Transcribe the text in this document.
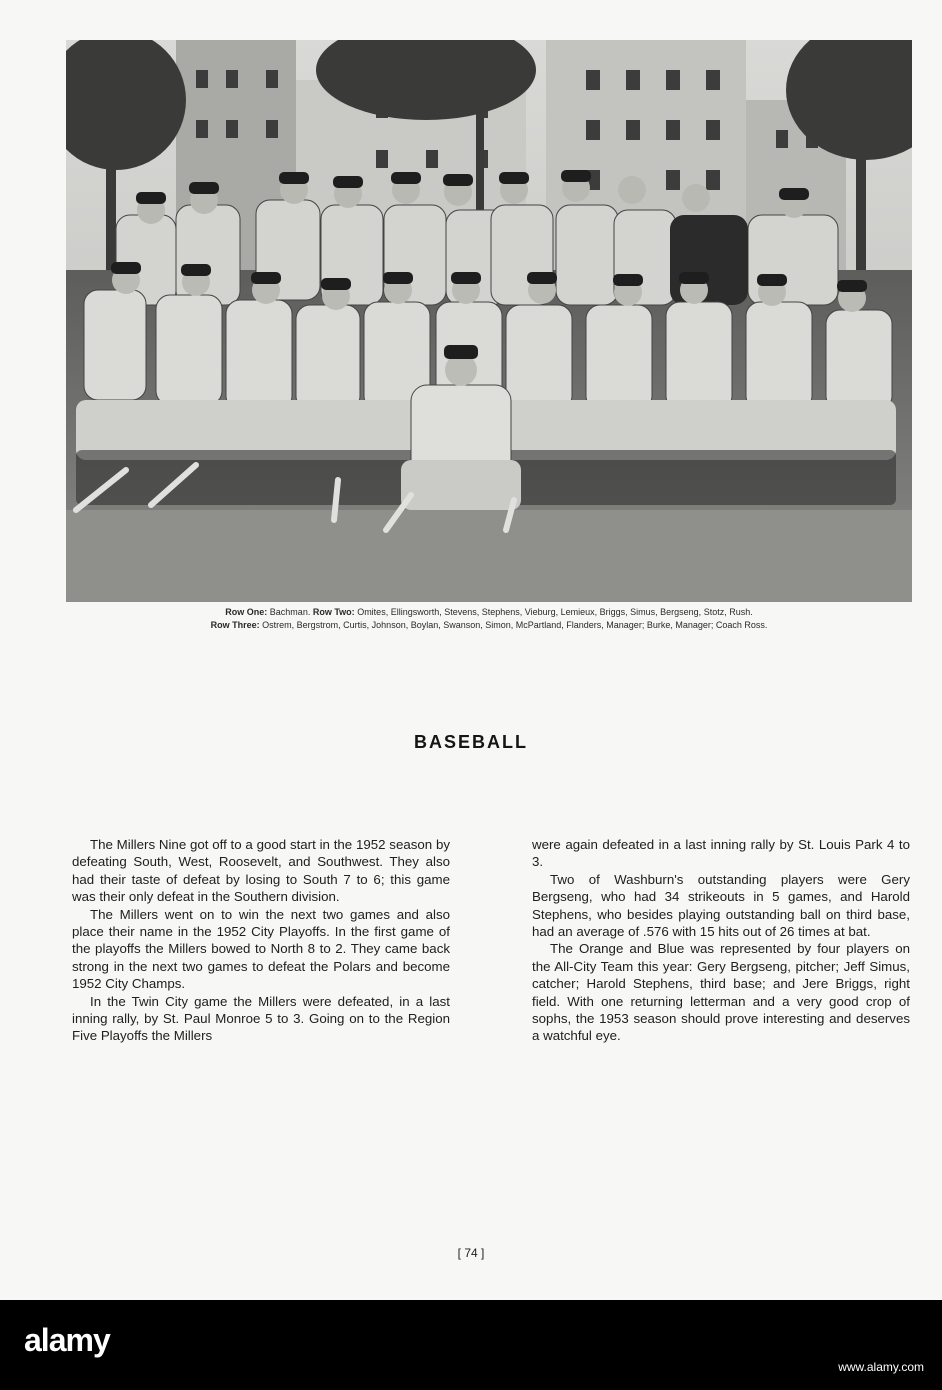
Row One: Bachman. Row Two: Omites, Ellingsworth, Stevens, Stephens, Vieburg, Lemieux, Briggs, Simus, Bergseng, Stotz, Rush.
Row Three: Ostrem, Bergstrom, Curtis, Johnson, Boylan, Swanson, Simon, McPartland, Flanders, Manager; Burke, Manager; Coach Ross.
BASEBALL

The Millers Nine got off to a good start in the 1952 season by defeating South, West, Roosevelt, and Southwest. They also had their taste of defeat by losing to South 7 to 6; this game was their only defeat in the Southern division.

The Millers went on to win the next two games and also place their name in the 1952 City Playoffs. In the first game of the playoffs the Millers bowed to North 8 to 2. They came back strong in the next two games to defeat the Polars and become 1952 City Champs.

In the Twin City game the Millers were defeated, in a last inning rally, by St. Paul Monroe 5 to 3. Going on to the Region Five Playoffs the Millers

were again defeated in a last inning rally by St. Louis Park 4 to 3.

Two of Washburn's outstanding players were Gery Bergseng, who had 34 strikeouts in 5 games, and Harold Stephens, who besides playing outstanding ball on third base, had an average of .576 with 15 hits out of 26 times at bat.

The Orange and Blue was represented by four players on the All-City Team this year: Gery Bergseng, pitcher; Jeff Simus, catcher; Harold Stephens, third base; and Jere Briggs, right field. With one returning letterman and a very good crop of sophs, the 1953 season should prove interesting and deserves a watchful eye.

[ 74 ]
alamy
www.alamy.com
